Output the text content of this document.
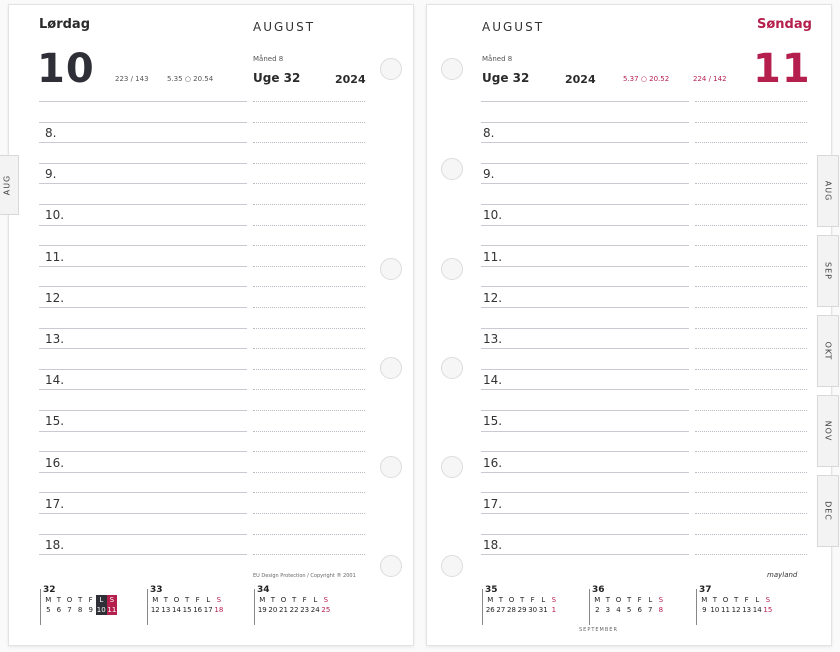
Lørdag
10	223 / 143	5.35 ○ 20.54
AUGUST
Måned 8
Uge 32	2024
8.
9.
10.
11.
12.
13.
14.
15.
16.
17.
18.
EU Design Protection / Copyright ® 2001
32
M T O T F L S
5 6 7 8 9 10 11
33
M T O T F L S
12 13 14 15 16 17 18
34
M T O T F L S
19 20 21 22 23 24 25
AUG
AUGUST
Måned 8
Uge 32	2024	5.37 ○ 20.52	224 / 142
Søndag
11
8.
9.
10.
11.
12.
13.
14.
15.
16.
17.
18.
mayland
35
M T O T F L S
26 27 28 29 30 31 1
36
M T O T F L S
2 3 4 5 6 7 8
37
M T O T F L S
9 10 11 12 13 14 15
SEPTEMBER
AUG
SEP
OKT
NOV
DEC
